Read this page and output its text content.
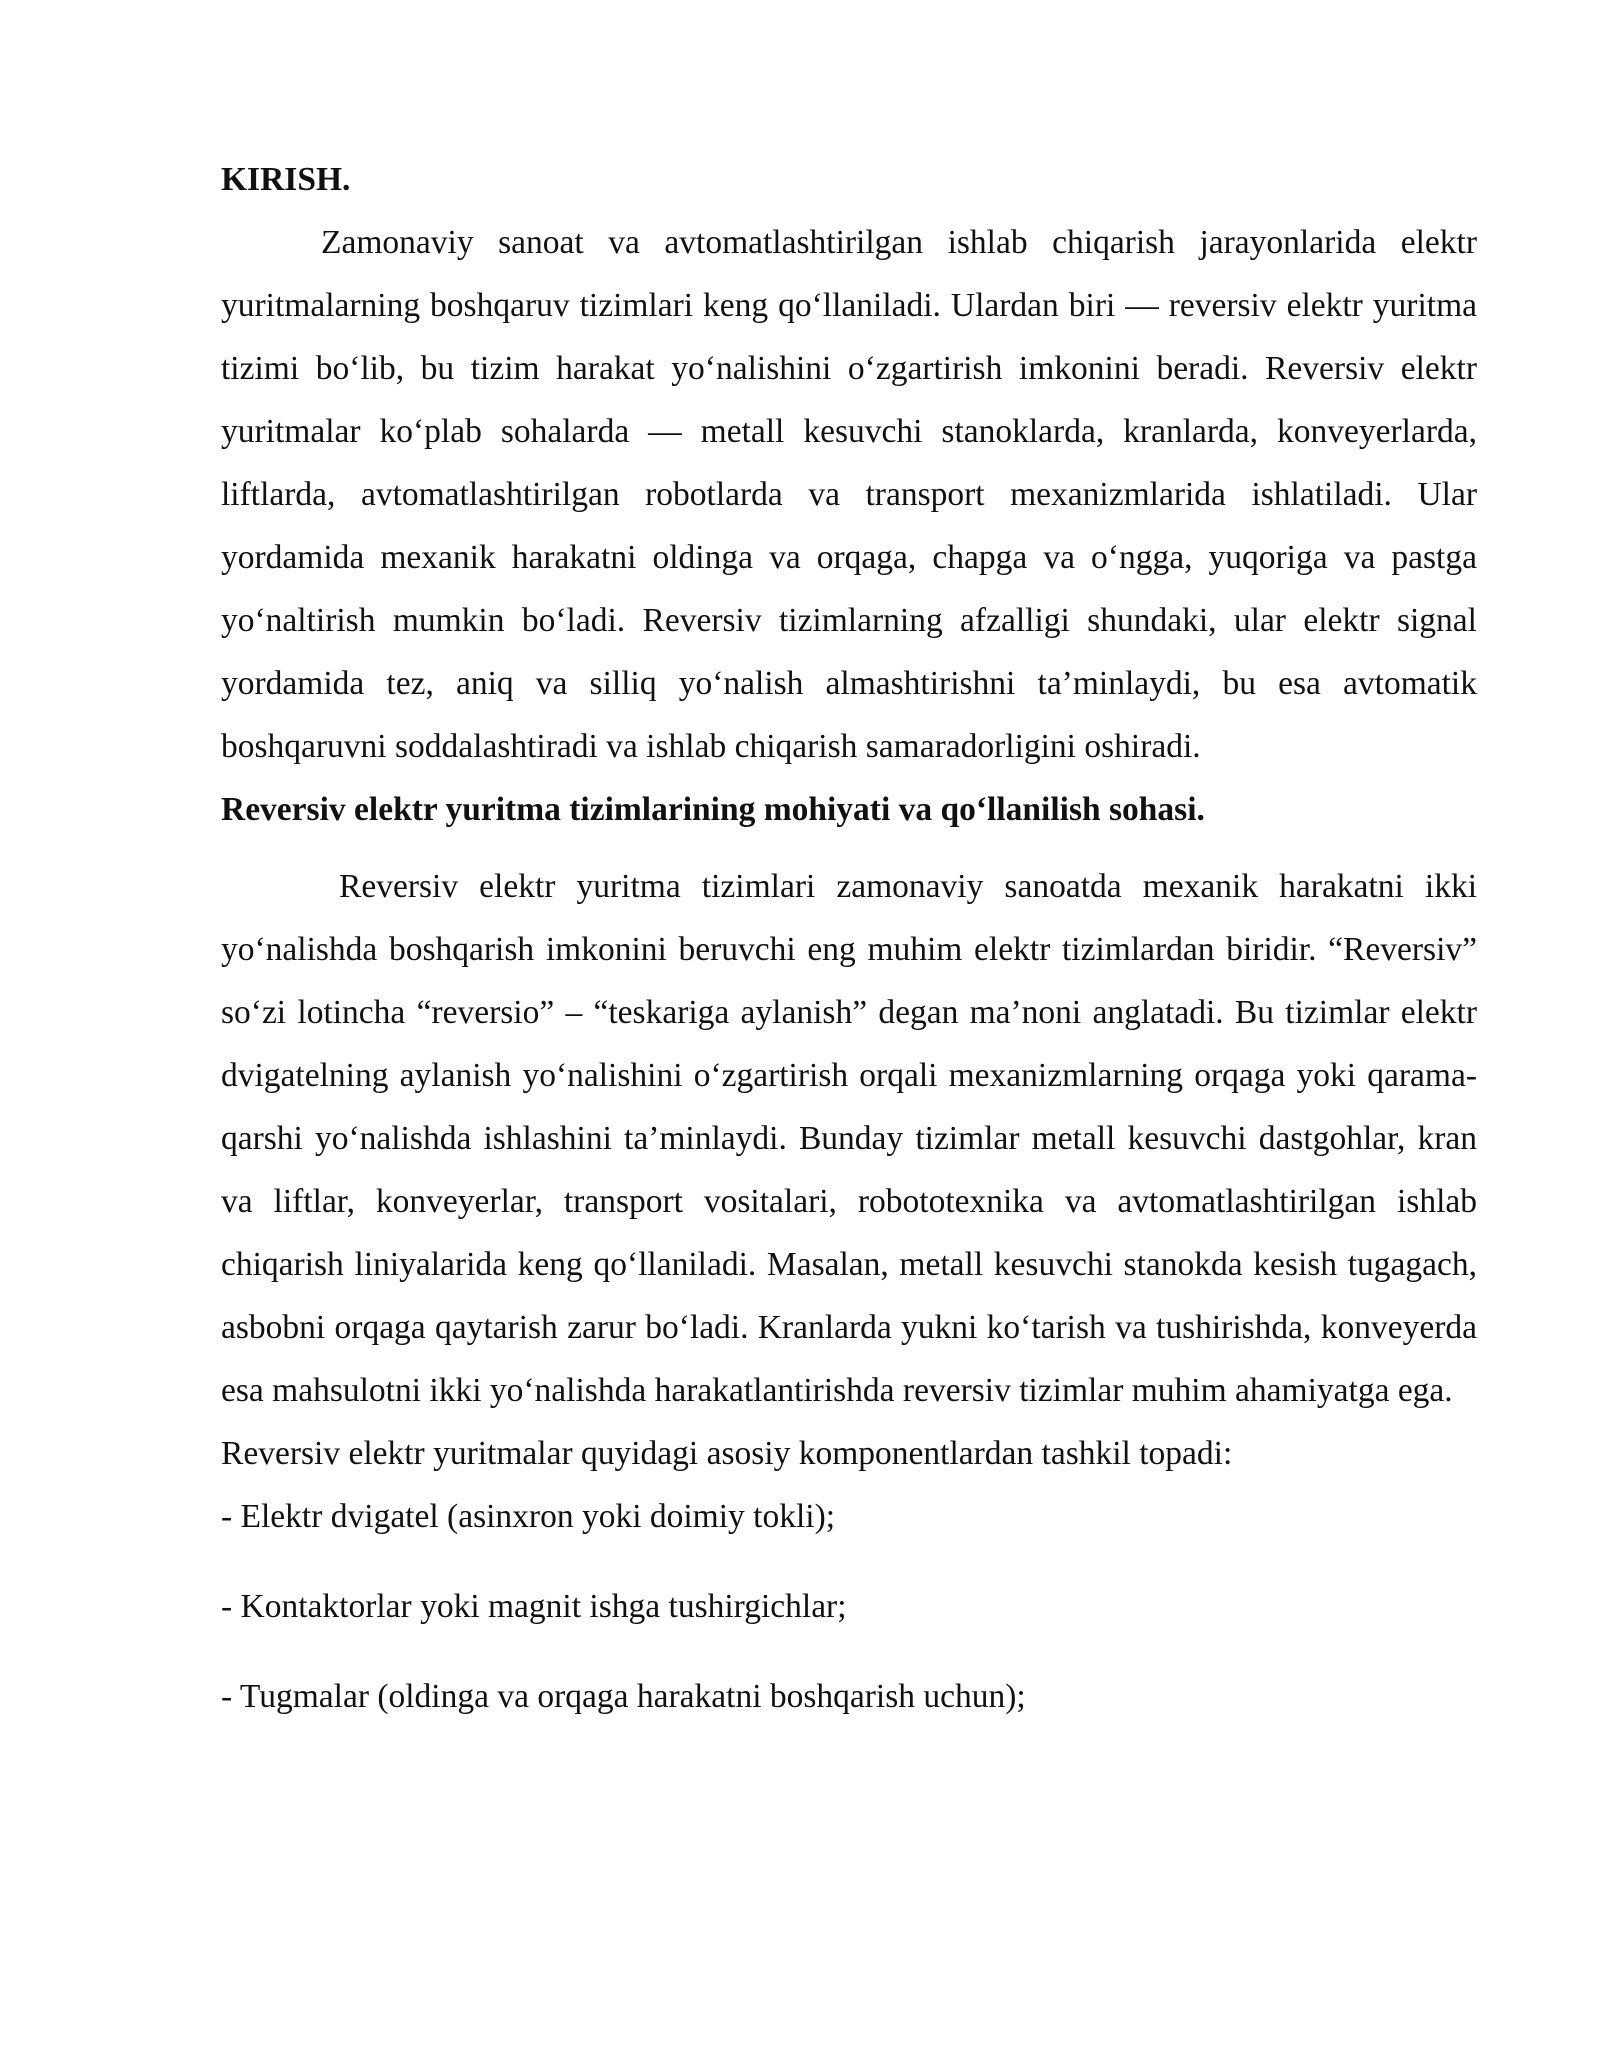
KIRISH.

Zamonaviy sanoat va avtomatlashtirilgan ishlab chiqarish jarayonlarida elektr yuritmalarning boshqaruv tizimlari keng qo‘llaniladi. Ulardan biri — reversiv elektr yuritma tizimi bo‘lib, bu tizim harakat yo‘nalishini o‘zgartirish imkonini beradi. Reversiv elektr yuritmalar ko‘plab sohalarda — metall kesuvchi stanoklarda, kranlarda, konveyerlarda, liftlarda, avtomatlashtirilgan robotlarda va transport mexanizmlarida ishlatiladi. Ular yordamida mexanik harakatni oldinga va orqaga, chapga va o‘ngga, yuqoriga va pastga yo‘naltirish mumkin bo‘ladi. Reversiv tizimlarning afzalligi shundaki, ular elektr signal yordamida tez, aniq va silliq yo‘nalish almashtirishni ta’minlaydi, bu esa avtomatik boshqaruvni soddalashtiradi va ishlab chiqarish samaradorligini oshiradi.

Reversiv elektr yuritma tizimlarining mohiyati va qo‘llanilish sohasi.

Reversiv elektr yuritma tizimlari zamonaviy sanoatda mexanik harakatni ikki yo‘nalishda boshqarish imkonini beruvchi eng muhim elektr tizimlardan biridir. “Reversiv” so‘zi lotincha “reversio” – “teskariga aylanish” degan ma’noni anglatadi. Bu tizimlar elektr dvigatelning aylanish yo‘nalishini o‘zgartirish orqali mexanizmlarning orqaga yoki qarama-qarshi yo‘nalishda ishlashini ta’minlaydi. Bunday tizimlar metall kesuvchi dastgohlar, kran va liftlar, konveyerlar, transport vositalari, robototexnika va avtomatlashtirilgan ishlab chiqarish liniyalarida keng qo‘llaniladi. Masalan, metall kesuvchi stanokda kesish tugagach, asbobni orqaga qaytarish zarur bo‘ladi. Kranlarda yukni ko‘tarish va tushirishda, konveyerda esa mahsulotni ikki yo‘nalishda harakatlantirishda reversiv tizimlar muhim ahamiyatga ega.

Reversiv elektr yuritmalar quyidagi asosiy komponentlardan tashkil topadi:

- Elektr dvigatel (asinxron yoki doimiy tokli);

- Kontaktorlar yoki magnit ishga tushirgichlar;

- Tugmalar (oldinga va orqaga harakatni boshqarish uchun);
